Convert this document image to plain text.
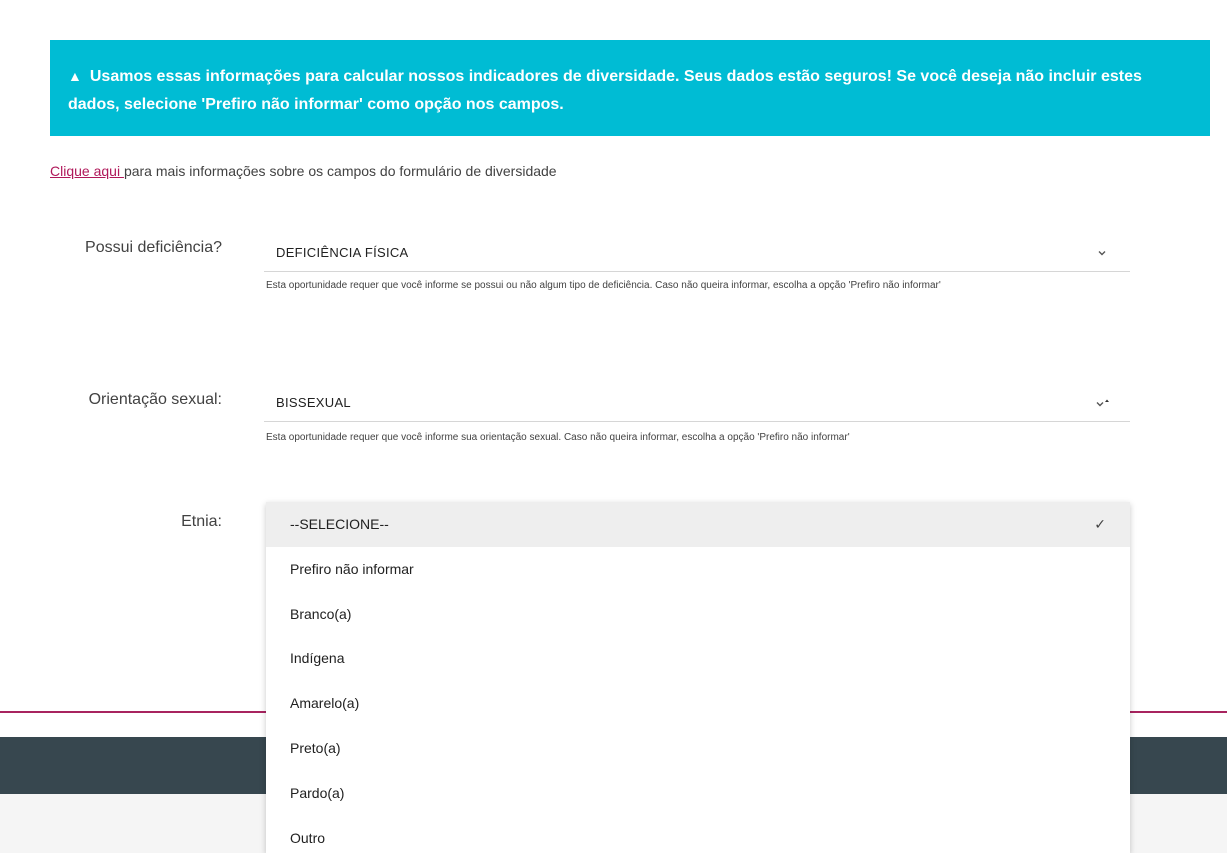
▲ Usamos essas informações para calcular nossos indicadores de diversidade. Seus dados estão seguros! Se você deseja não incluir estes dados, selecione 'Prefiro não informar' como opção nos campos.
Clique aqui para mais informações sobre os campos do formulário de diversidade
Possui deficiência?	DEFICIÊNCIA FÍSICA
Esta oportunidade requer que você informe se possui ou não algum tipo de deficiência. Caso não queira informar, escolha a opção 'Prefiro não informar'
Orientação sexual:	BISSEXUAL
Esta oportunidade requer que você informe sua orientação sexual. Caso não queira informar, escolha a opção 'Prefiro não informar'
Etnia:	--SELECIONE--	✓
Prefiro não informar
Branco(a)
Indígena
Amarelo(a)
Preto(a)
Pardo(a)
Outro
